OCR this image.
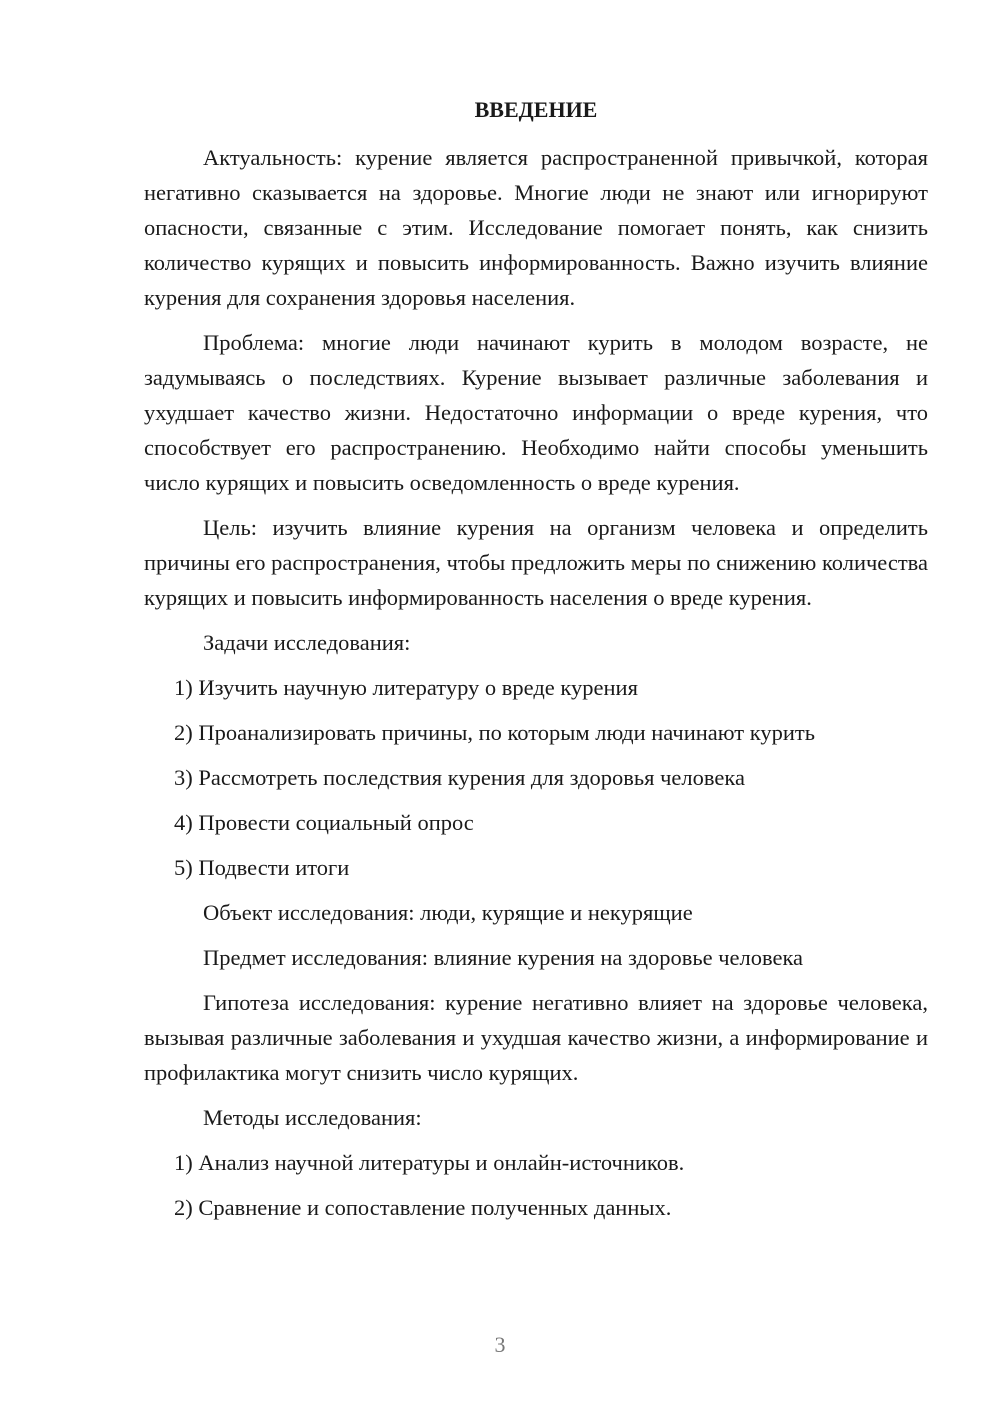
ВВЕДЕНИЕ

Актуальность: курение является распространенной привычкой, которая негативно сказывается на здоровье. Многие люди не знают или игнорируют опасности, связанные с этим. Исследование помогает понять, как снизить количество курящих и повысить информированность. Важно изучить влияние курения для сохранения здоровья населения.

Проблема: многие люди начинают курить в молодом возрасте, не задумываясь о последствиях. Курение вызывает различные заболевания и ухудшает качество жизни. Недостаточно информации о вреде курения, что способствует его распространению. Необходимо найти способы уменьшить число курящих и повысить осведомленность о вреде курения.

Цель: изучить влияние курения на организм человека и определить причины его распространения, чтобы предложить меры по снижению количества курящих и повысить информированность населения о вреде курения.

Задачи исследования:

1) Изучить научную литературу о вреде курения
2) Проанализировать причины, по которым люди начинают курить
3) Рассмотреть последствия курения для здоровья человека
4) Провести социальный опрос
5) Подвести итоги

Объект исследования: люди, курящие и некурящие

Предмет исследования: влияние курения на здоровье человека

Гипотеза исследования: курение негативно влияет на здоровье человека, вызывая различные заболевания и ухудшая качество жизни, а информирование и профилактика могут снизить число курящих.

Методы исследования:

1) Анализ научной литературы и онлайн-источников.
2) Сравнение и сопоставление полученных данных.
3
